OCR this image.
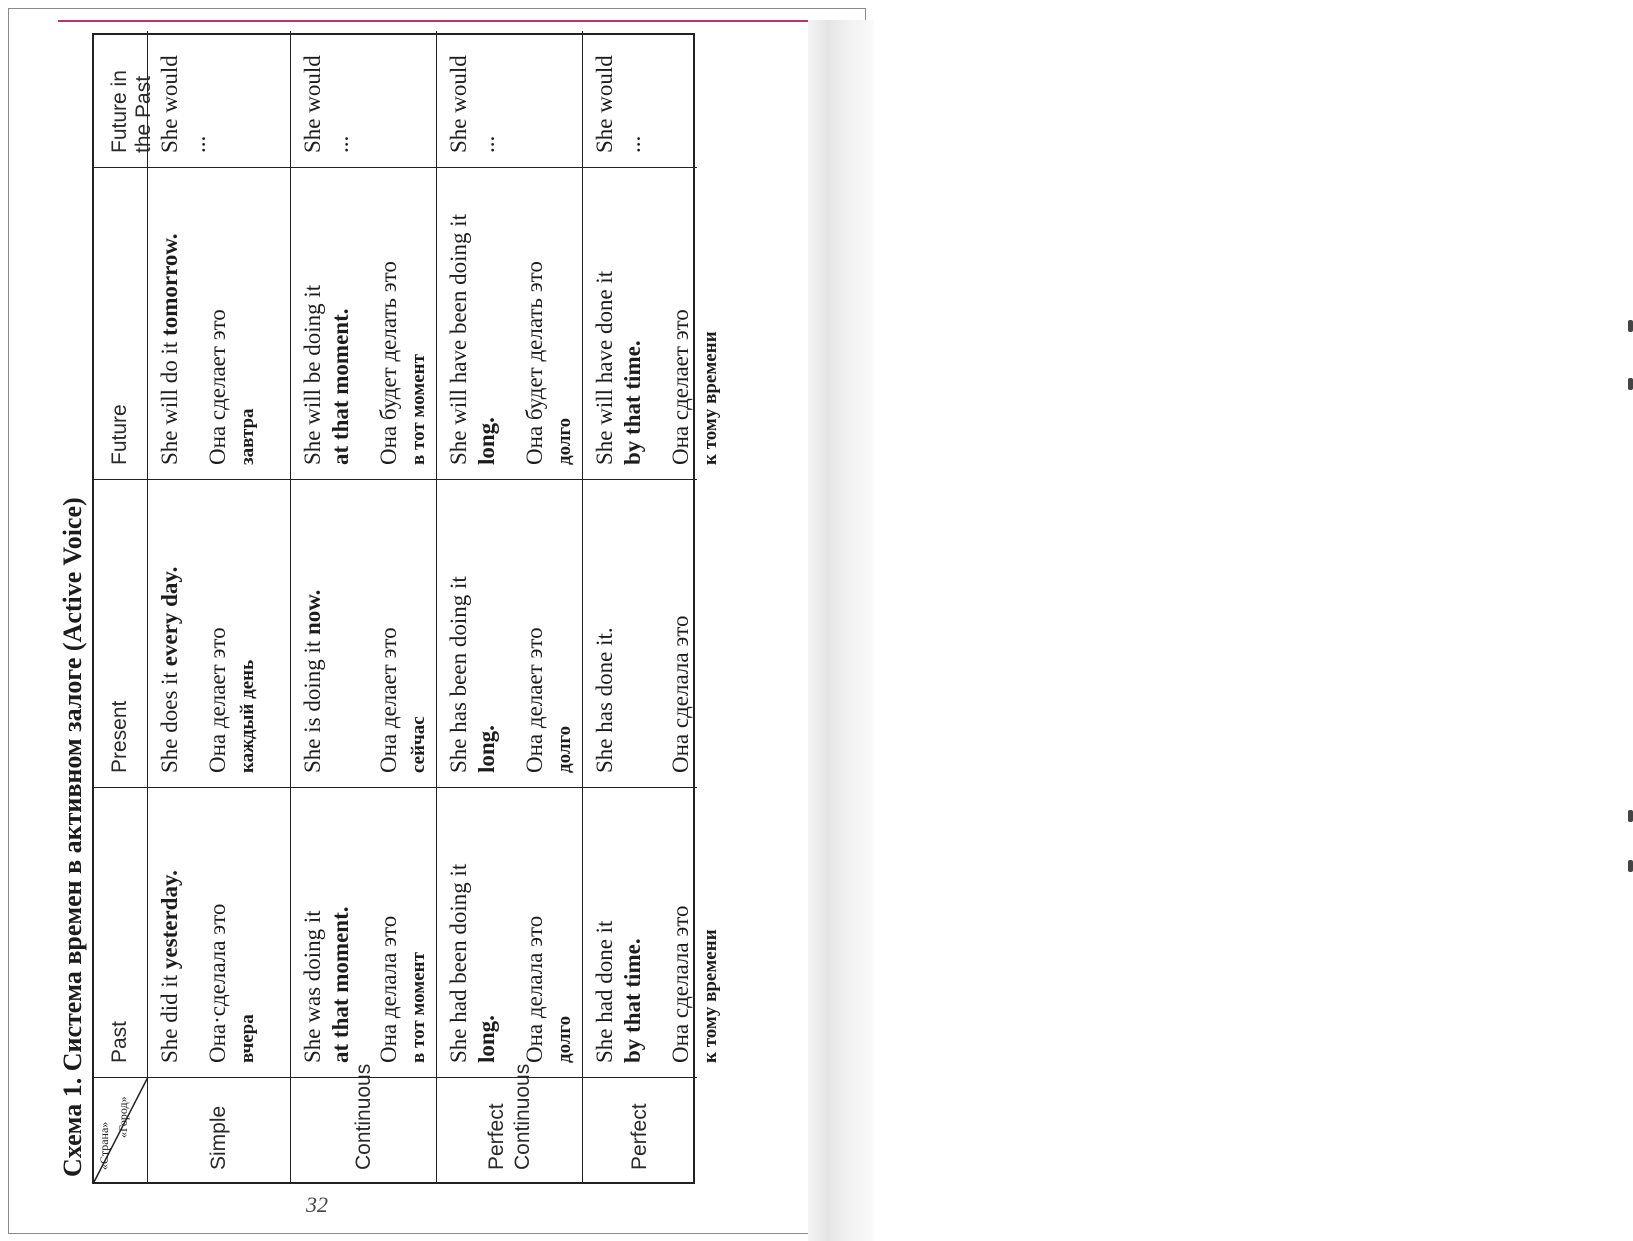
32
Схема 1. Система времен в активном залоге (Active Voice) «Страна»
«Город»
Past
Present
Future
Future in the Past
Simple
She did it yesterday. Она·сделала это
вчера
She does it every day.
Она делает это
каждый день
She will do it tomorrow.
Она сделает это
завтра
She would ...
Continuous
She was doing it
at that moment. Она делала это
в тот момент
She is doing it now.
Она делает это
сейчас
She will be doing it
at that moment. Она будет делать это
в тот момент
She would ...
Perfect Continuous
She had been doing it
long. Она делала это
долго
She has been doing it
long. Она делает это
долго
She will have been doing it long. Она будет делать это
долго
She would ...
Perfect
She had done it
by that time. Она сделала это
к тому времени
She has done it. Она сделала это
She will have done it
by that time. Она сделает это
к тому времени
She would ...
